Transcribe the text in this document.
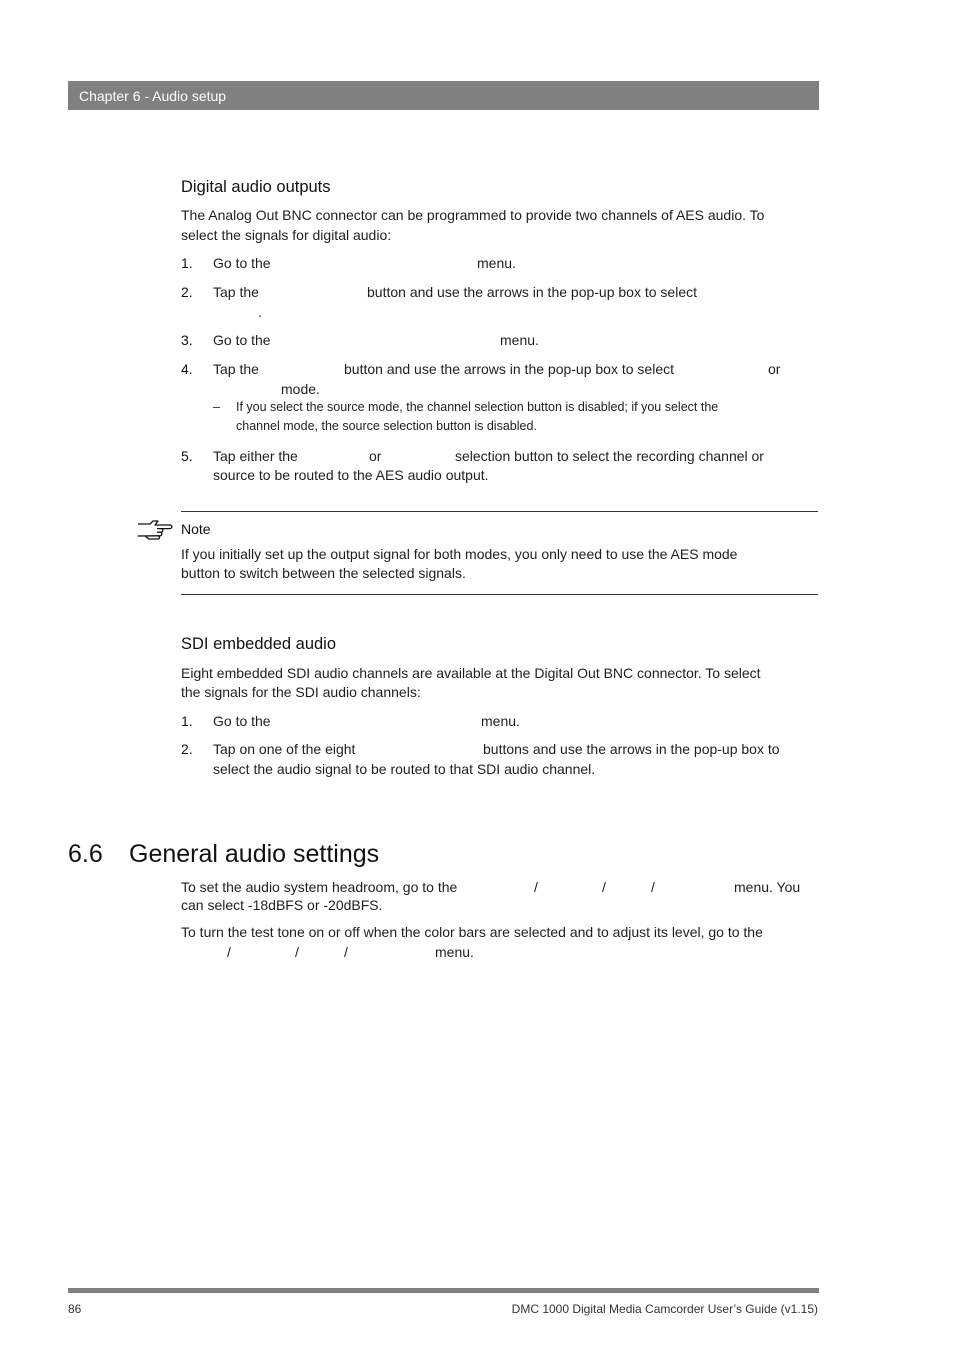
Chapter 6 - Audio setup
Digital audio outputs
The Analog Out BNC connector can be programmed to provide two channels of AES audio. To
select the signals for digital audio:
1. Go to the	menu.
2. Tap the	button and use the arrows in the pop-up box to select
.
3. Go to the	menu.
4. Tap the	button and use the arrows in the pop-up box to select	or
mode.
– If you select the source mode, the channel selection button is disabled; if you select the
channel mode, the source selection button is disabled.
5. Tap either the	or	selection button to select the recording channel or
source to be routed to the AES audio output.
Note
If you initially set up the output signal for both modes, you only need to use the AES mode
button to switch between the selected signals.
SDI embedded audio
Eight embedded SDI audio channels are available at the Digital Out BNC connector. To select
the signals for the SDI audio channels:
1. Go to the	menu.
2. Tap on one of the eight	buttons and use the arrows in the pop-up box to
select the audio signal to be routed to that SDI audio channel.
6.6 General audio settings
To set the audio system headroom, go to the	/	/	/	menu. You
can select -18dBFS or -20dBFS.
To turn the test tone on or off when the color bars are selected and to adjust its level, go to the
/	/	/	menu.
86	DMC 1000 Digital Media Camcorder User’s Guide (v1.15)
